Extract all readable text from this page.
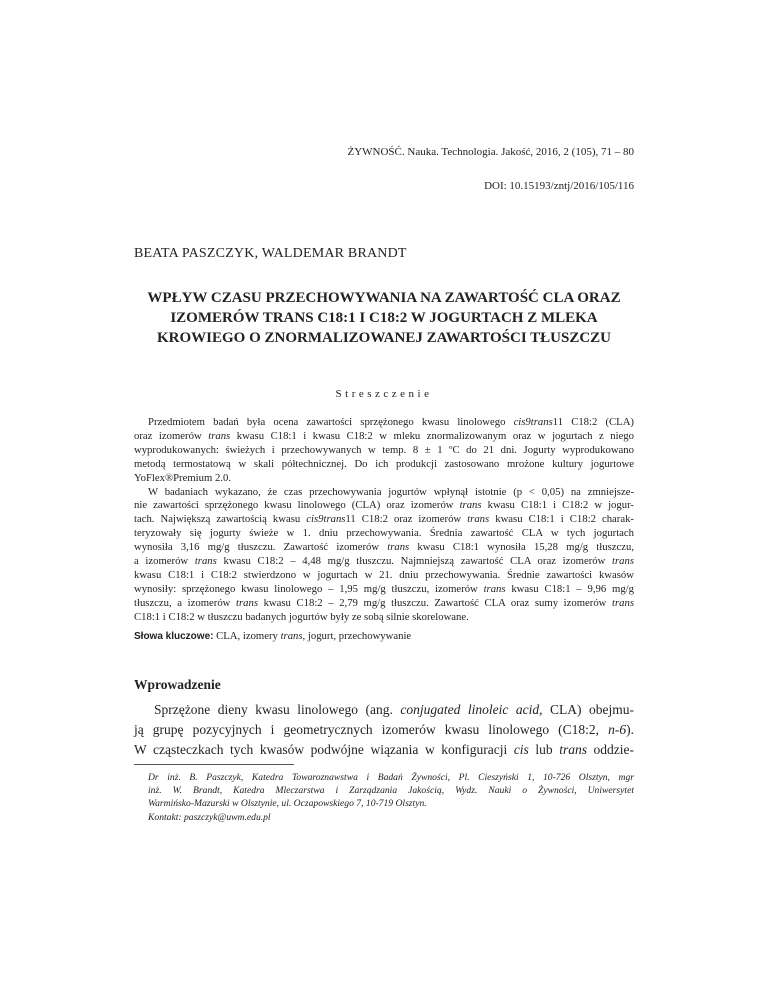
ŻYWNOŚĆ. Nauka. Technologia. Jakość, 2016, 2 (105), 71 – 80
DOI: 10.15193/zntj/2016/105/116
BEATA PASZCZYK, WALDEMAR BRANDT
WPŁYW CZASU PRZECHOWYWANIA NA ZAWARTOŚĆ CLA ORAZ
IZOMERÓW TRANS C18:1 I C18:2 W JOGURTACH Z MLEKA
KROWIEGO O ZNORMALIZOWANEJ ZAWARTOŚCI TŁUSZCZU
Streszczenie
Przedmiotem badań była ocena zawartości sprzężonego kwasu linolowego cis9trans11 C18:2 (CLA)
oraz izomerów trans kwasu C18:1 i kwasu C18:2 w mleku znormalizowanym oraz w jogurtach z niego
wyprodukowanych: świeżych i przechowywanych w temp. 8 ± 1 ºC do 21 dni. Jogurty wyprodukowano
metodą termostatową w skali półtechnicznej. Do ich produkcji zastosowano mrożone kultury jogurtowe
YoFlex®Premium 2.0.
W badaniach wykazano, że czas przechowywania jogurtów wpłynął istotnie (p < 0,05) na zmniejsze-
nie zawartości sprzężonego kwasu linolowego (CLA) oraz izomerów trans kwasu C18:1 i C18:2 w jogur-
tach. Największą zawartością kwasu cis9trans11 C18:2 oraz izomerów trans kwasu C18:1 i C18:2 charak-
teryzowały się jogurty świeże w 1. dniu przechowywania. Średnia zawartość CLA w tych jogurtach
wynosiła 3,16 mg/g tłuszczu. Zawartość izomerów trans kwasu C18:1 wynosiła 15,28 mg/g tłuszczu,
a izomerów trans kwasu C18:2 – 4,48 mg/g tłuszczu. Najmniejszą zawartość CLA oraz izomerów trans
kwasu C18:1 i C18:2 stwierdzono w jogurtach w 21. dniu przechowywania. Średnie zawartości kwasów
wynosiły: sprzężonego kwasu linolowego – 1,95 mg/g tłuszczu, izomerów trans kwasu C18:1 – 9,96 mg/g
tłuszczu, a izomerów trans kwasu C18:2 – 2,79 mg/g tłuszczu. Zawartość CLA oraz sumy izomerów trans
C18:1 i C18:2 w tłuszczu badanych jogurtów były ze sobą silnie skorelowane.
Słowa kluczowe: CLA, izomery trans, jogurt, przechowywanie
Wprowadzenie
Sprzężone dieny kwasu linolowego (ang. conjugated linoleic acid, CLA) obejmu-
ją grupę pozycyjnych i geometrycznych izomerów kwasu linolowego (C18:2, n-6).
W cząsteczkach tych kwasów podwójne wiązania w konfiguracji cis lub trans oddzie-
Dr inż. B. Paszczyk, Katedra Towaroznawstwa i Badań Żywności, Pl. Cieszyński 1, 10-726 Olsztyn, mgr
inż. W. Brandt, Katedra Mleczarstwa i Zarządzania Jakością, Wydz. Nauki o Żywności, Uniwersytet
Warmińsko-Mazurski w Olsztynie, ul. Oczapowskiego 7, 10-719 Olsztyn.
Kontakt: paszczyk@uwm.edu.pl
